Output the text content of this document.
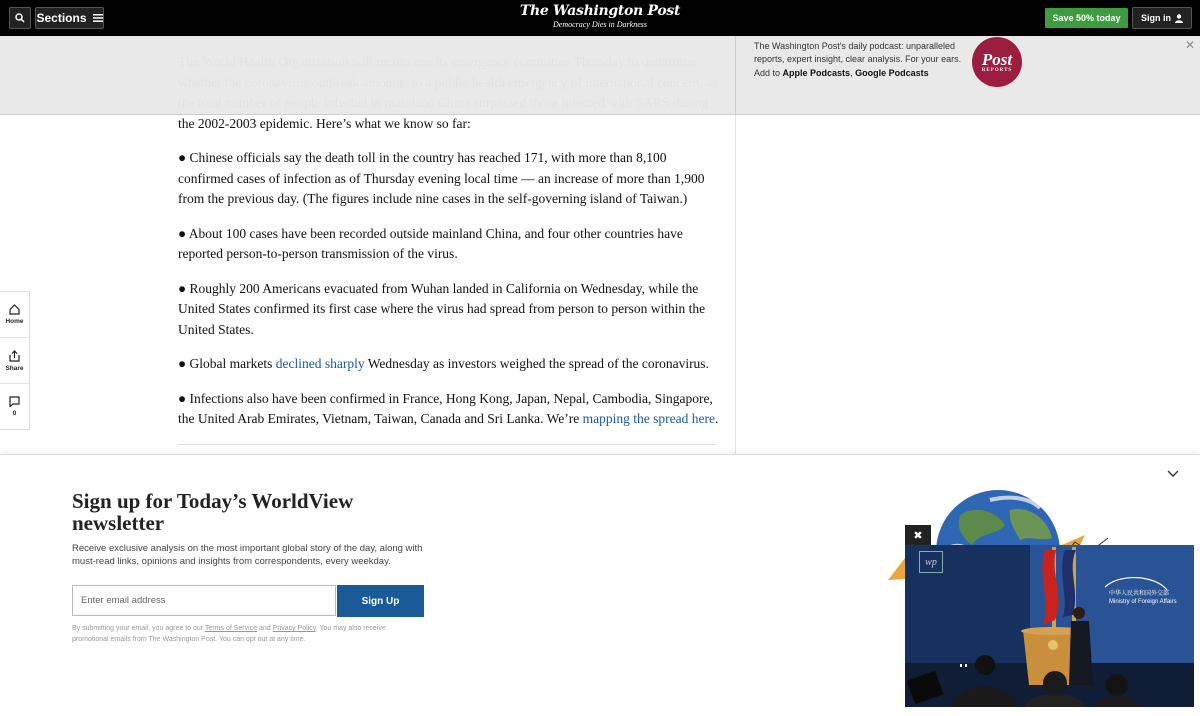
Sections	The Washington Post
Democracy Dies in Darkness
Save 50% today	Sign in

the 2002-2003 epidemic. Here’s what we know so far:

● Chinese officials say the death toll in the country has reached 171, with more than 8,100 confirmed cases of infection as of Thursday evening local time — an increase of more than 1,900 from the previous day. (The figures include nine cases in the self-governing island of Taiwan.)

● About 100 cases have been recorded outside mainland China, and four other countries have reported person-to-person transmission of the virus.

● Roughly 200 Americans evacuated from Wuhan landed in California on Wednesday, while the United States confirmed its first case where the virus had spread from person to person within the United States.

● Global markets declined sharply Wednesday as investors weighed the spread of the coronavirus.

● Infections also have been confirmed in France, Hong Kong, Japan, Nepal, Cambodia, Singapore, the United Arab Emirates, Vietnam, Taiwan, Canada and Sri Lanka. We’re mapping the spread here.

The Washington Post's daily podcast: unparalleled reports, expert insight, clear analysis. For your ears.
Add to Apple Podcasts, Google Podcasts
Post
REPORTS
✕
Home
Share
0
Sign up for Today’s WorldView newsletter
Receive exclusive analysis on the most important global story of the day, along with must-read links, opinions and insights from correspondents, every weekday.
Enter email address
Sign Up
By submitting your email, you agree to our Terms of Service and Privacy Policy. You may also receive promotional emails from The Washington Post. You can opt out at any time.
✖
wp
中华人民共和国外交部
Ministry of Foreign Affairs
